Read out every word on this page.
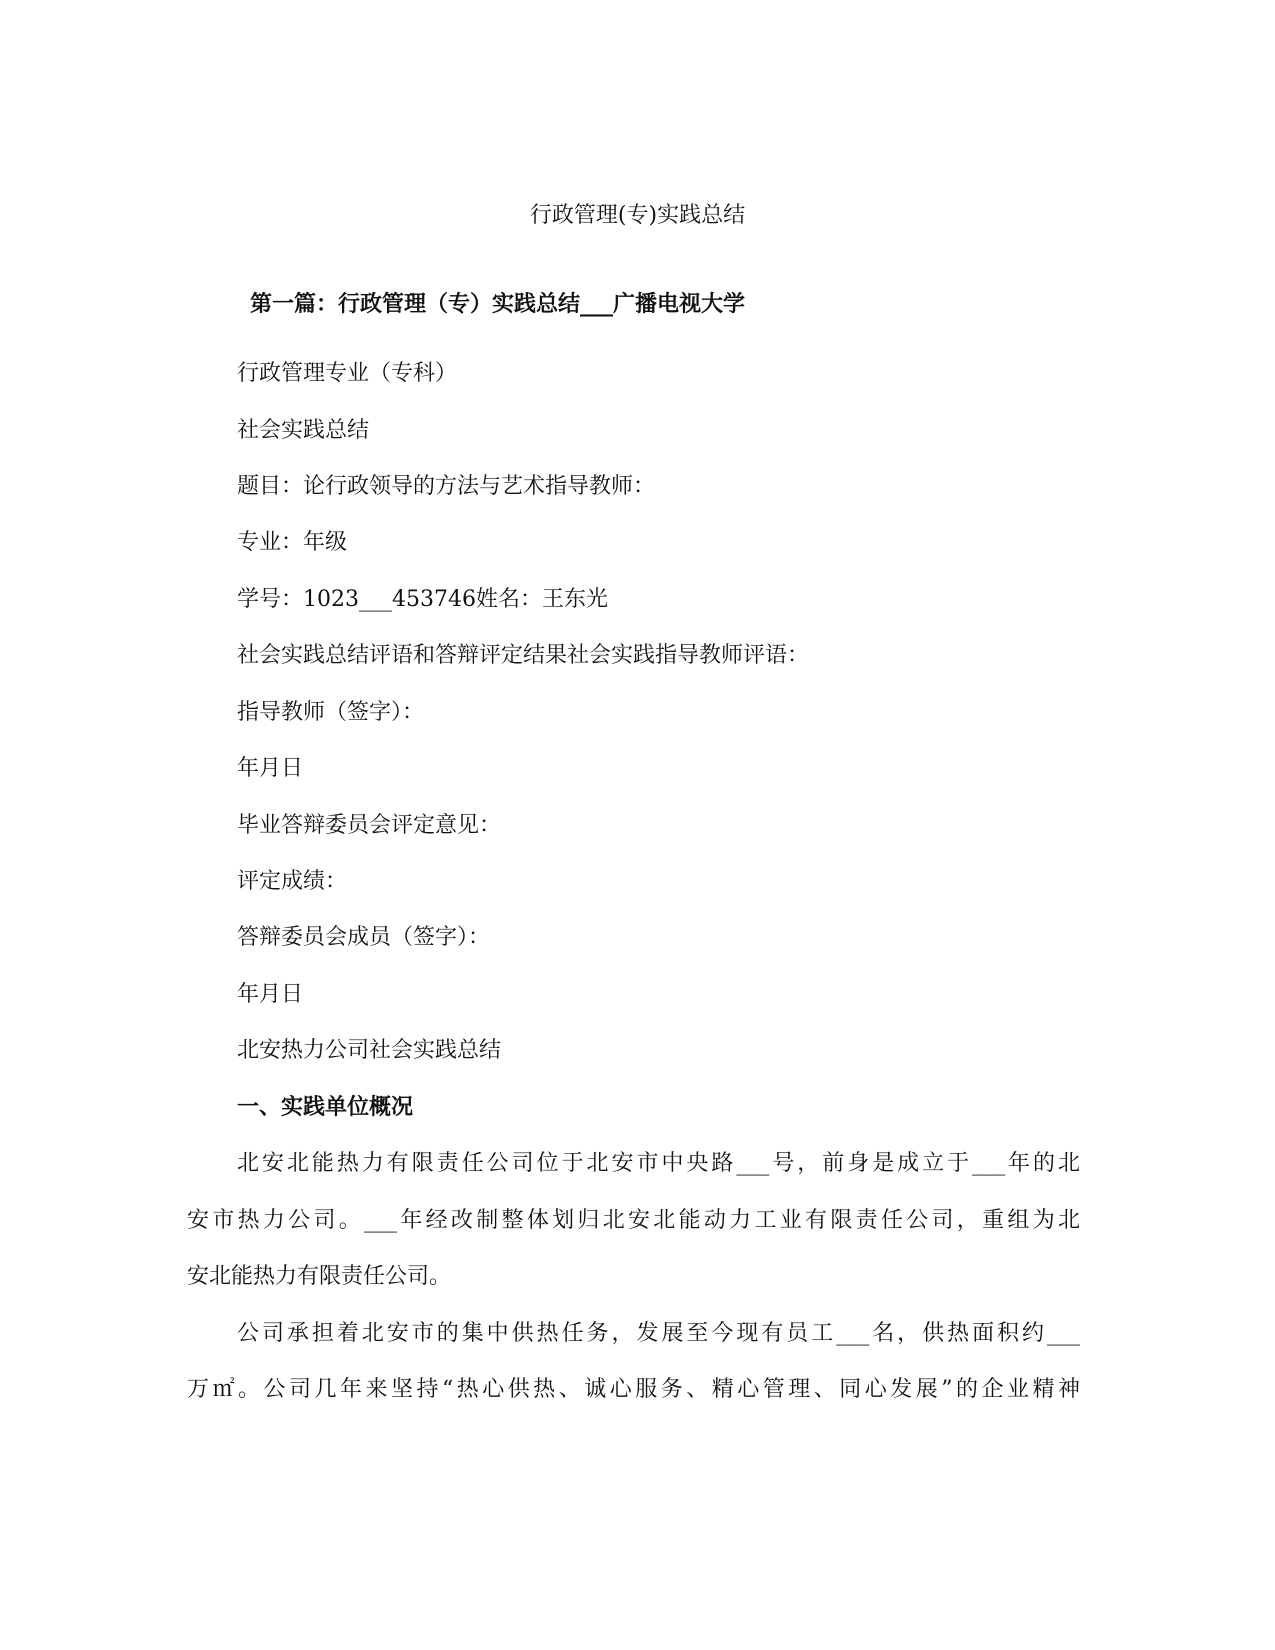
行政管理(专)实践总结
第一篇：行政管理（专）实践总结___广播电视大学
行政管理专业（专科）
社会实践总结
题目：论行政领导的方法与艺术指导教师：
专业：年级
学号：1023___453746姓名：王东光
社会实践总结评语和答辩评定结果社会实践指导教师评语：
指导教师（签字）：
年月日
毕业答辩委员会评定意见：
评定成绩：
答辩委员会成员（签字）：
年月日
北安热力公司社会实践总结
一、实践单位概况
北安北能热力有限责任公司位于北安市中央路___号，前身是成立于___年的北
安市热力公司。___年经改制整体划归北安北能动力工业有限责任公司，重组为北
安北能热力有限责任公司。
公司承担着北安市的集中供热任务，发展至今现有员工___名，供热面积约___
万㎡。公司几年来坚持“热心供热、诚心服务、精心管理、同心发展”的企业精神
